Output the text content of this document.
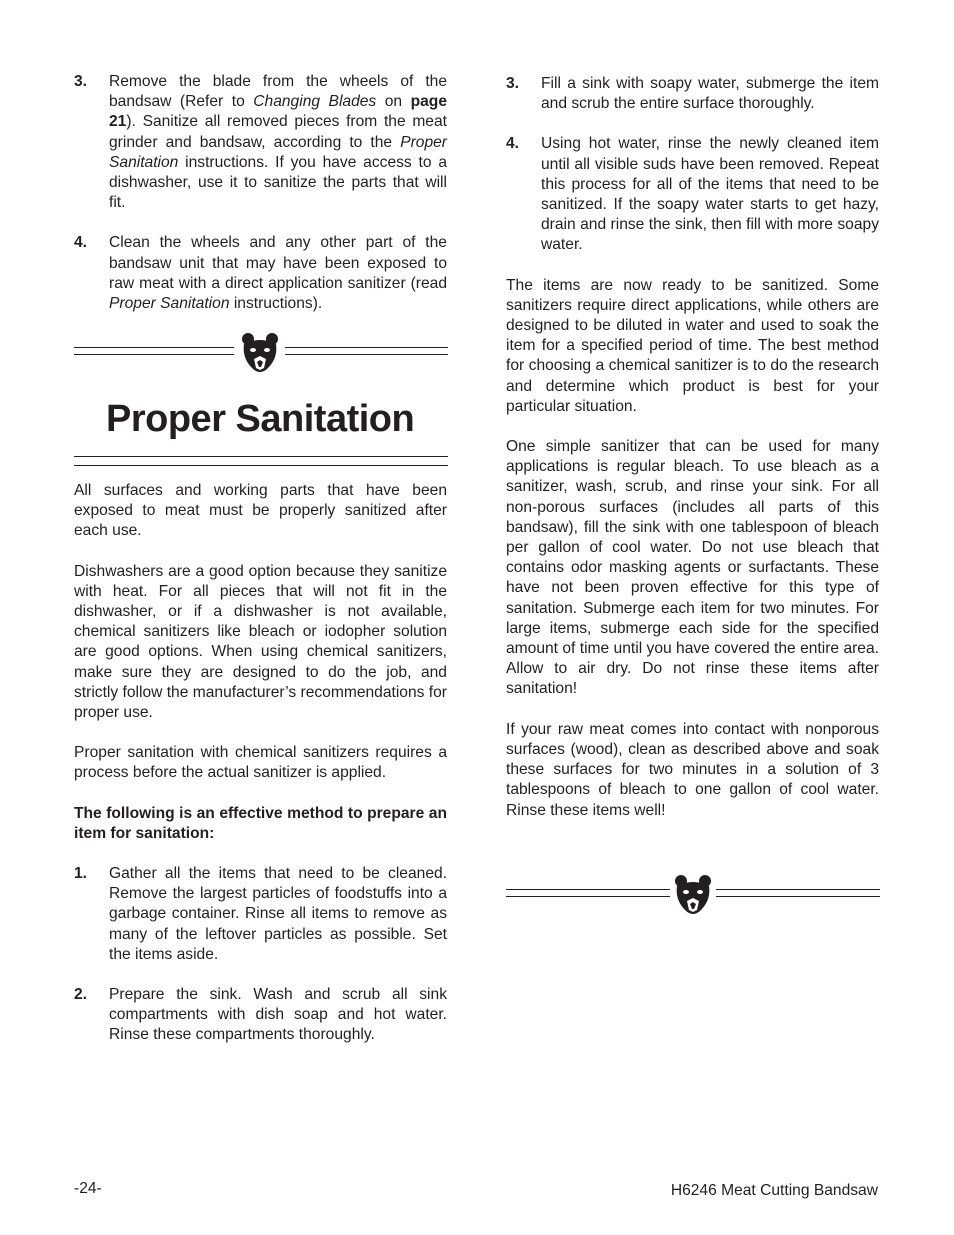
3. Remove the blade from the wheels of the bandsaw (Refer to Changing Blades on page 21). Sanitize all removed pieces from the meat grinder and bandsaw, according to the Proper Sanitation instructions. If you have access to a dishwasher, use it to sanitize the parts that will fit.

4. Clean the wheels and any other part of the bandsaw unit that may have been exposed to raw meat with a direct application sanitizer (read Proper Sanitation instructions).

Proper Sanitation

All surfaces and working parts that have been exposed to meat must be properly sanitized after each use.

Dishwashers are a good option because they sanitize with heat. For all pieces that will not fit in the dishwasher, or if a dishwasher is not available, chemical sanitizers like bleach or iodopher solution are good options. When using chemical sanitizers, make sure they are designed to do the job, and strictly follow the manufacturer’s recommendations for proper use.

Proper sanitation with chemical sanitizers requires a process before the actual sanitizer is applied.

The following is an effective method to prepare an item for sanitation:

1. Gather all the items that need to be cleaned. Remove the largest particles of foodstuffs into a garbage container. Rinse all items to remove as many of the leftover particles as possible. Set the items aside.

2. Prepare the sink. Wash and scrub all sink compartments with dish soap and hot water. Rinse these compartments thoroughly.

3. Fill a sink with soapy water, submerge the item and scrub the entire surface thoroughly.

4. Using hot water, rinse the newly cleaned item until all visible suds have been removed. Repeat this process for all of the items that need to be sanitized. If the soapy water starts to get hazy, drain and rinse the sink, then fill with more soapy water.

The items are now ready to be sanitized. Some sanitizers require direct applications, while others are designed to be diluted in water and used to soak the item for a specified period of time. The best method for choosing a chemical sanitizer is to do the research and determine which product is best for your particular situation.

One simple sanitizer that can be used for many applications is regular bleach. To use bleach as a sanitizer, wash, scrub, and rinse your sink. For all non-porous surfaces (includes all parts of this bandsaw), fill the sink with one tablespoon of bleach per gallon of cool water. Do not use bleach that contains odor masking agents or surfactants. These have not been proven effective for this type of sanitation. Submerge each item for two minutes. For large items, submerge each side for the specified amount of time until you have covered the entire area. Allow to air dry. Do not rinse these items after sanitation!

If your raw meat comes into contact with nonporous surfaces (wood), clean as described above and soak these surfaces for two minutes in a solution of 3 tablespoons of bleach to one gallon of cool water. Rinse these items well!

-24-	H6246 Meat Cutting Bandsaw
